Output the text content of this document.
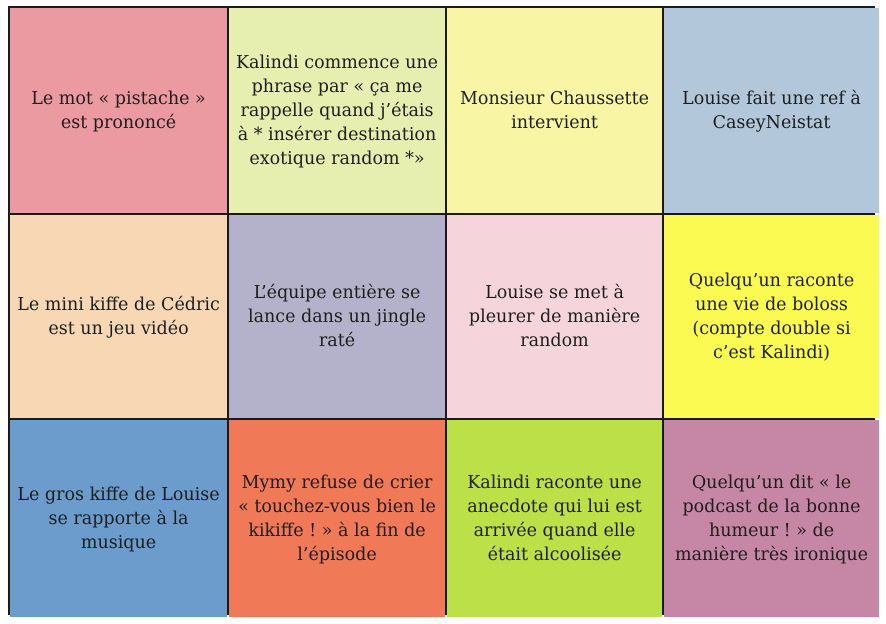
Le mot « pistache » est prononcé
Kalindi commence une phrase par « ça me rappelle quand j’étais à * insérer destination exotique random *»
Monsieur Chaussette intervient
Louise fait une ref à CaseyNeistat
Le mini kiffe de Cédric est un jeu vidéo
L’équipe entière se lance dans un jingle raté
Louise se met à pleurer de manière random
Quelqu’un raconte une vie de boloss (compte double si c’est Kalindi)
Le gros kiffe de Louise se rapporte à la musique
Mymy refuse de crier « touchez-vous bien le kikiffe ! » à la fin de l’épisode
Kalindi raconte une anecdote qui lui est arrivée quand elle était alcoolisée
Quelqu’un dit « le podcast de la bonne humeur ! » de manière très ironique
